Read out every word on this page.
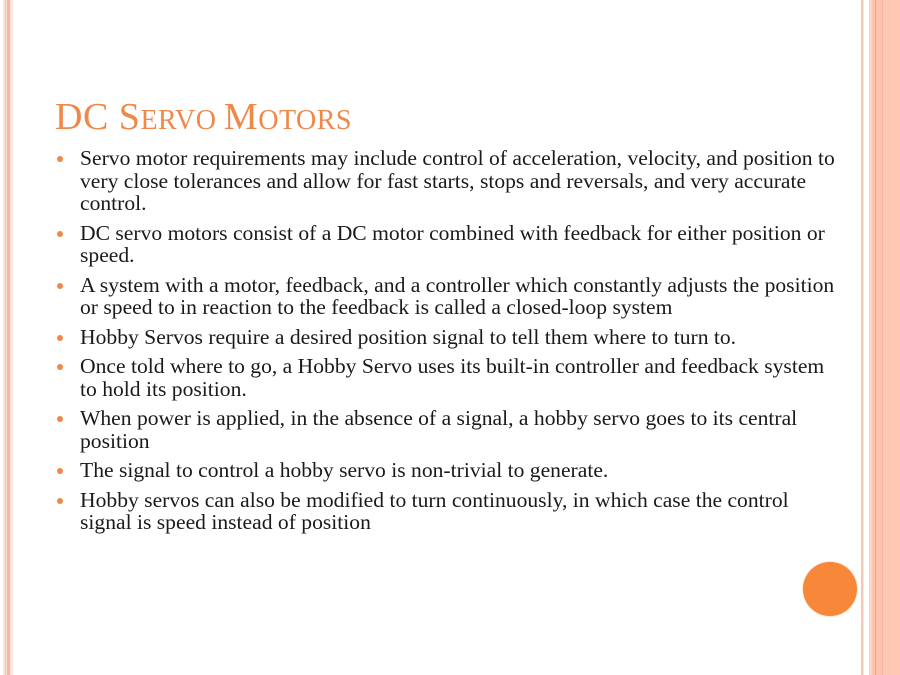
DC SERVO MOTORS
Servo motor requirements may include control of acceleration, velocity, and position to very close tolerances and allow for fast starts, stops and reversals, and very accurate control.
DC servo motors consist of a DC motor combined with feedback for either position or speed.
A system with a motor, feedback, and a controller which constantly adjusts the position or speed to in reaction to the feedback is called a closed-loop system
Hobby Servos require a desired position signal to tell them where to turn to.
Once told where to go, a Hobby Servo uses its built-in controller and feedback system to hold its position.
When power is applied, in the absence of a signal, a hobby servo goes to its central position
The signal to control a hobby servo is non-trivial to generate.
Hobby servos can also be modified to turn continuously, in which case the control signal is speed instead of position
